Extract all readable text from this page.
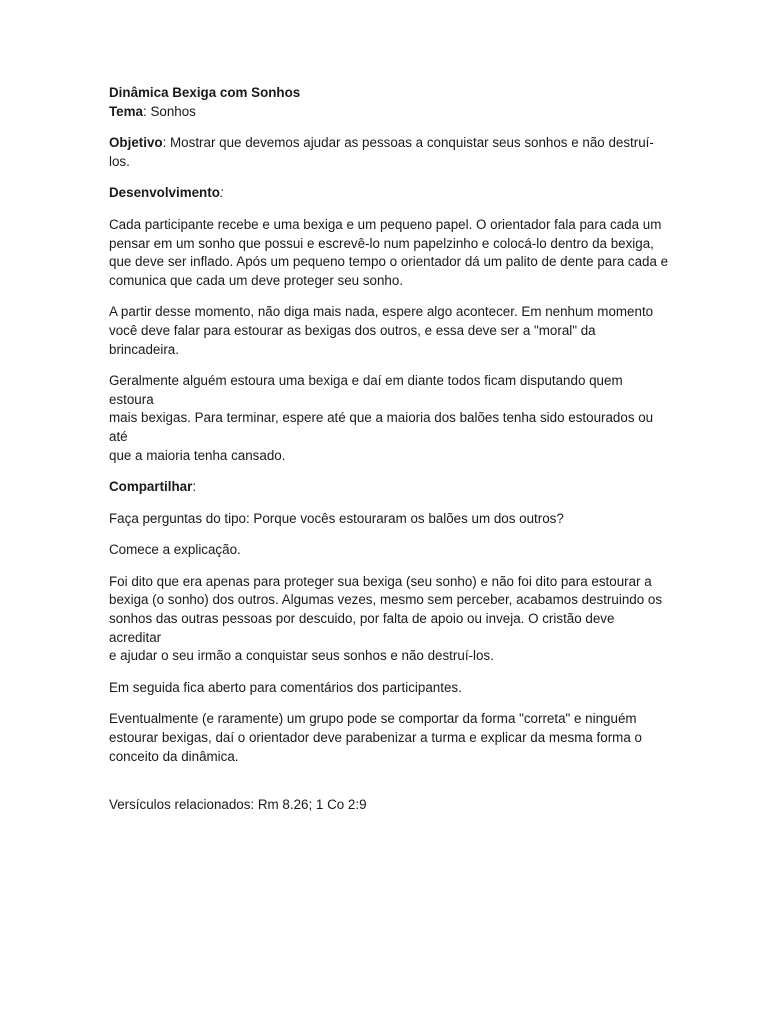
Dinâmica Bexiga com Sonhos

Tema: Sonhos

Objetivo: Mostrar que devemos ajudar as pessoas a conquistar seus sonhos e não destruí-los.

Desenvolvimento:

Cada participante recebe e uma bexiga e um pequeno papel. O orientador fala para cada um

pensar em um sonho que possui e escrevê-lo num papelzinho e colocá-lo dentro da bexiga,

que deve ser inflado. Após um pequeno tempo o orientador dá um palito de dente para cada e

comunica que cada um deve proteger seu sonho.

A partir desse momento, não diga mais nada, espere algo acontecer. Em nenhum momento

você deve falar para estourar as bexigas dos outros, e essa deve ser a "moral" da brincadeira.

Geralmente alguém estoura uma bexiga e daí em diante todos ficam disputando quem estoura

mais bexigas. Para terminar, espere até que a maioria dos balões tenha sido estourados ou até

que a maioria tenha cansado.

Compartilhar:

Faça perguntas do tipo: Porque vocês estouraram os balões um dos outros?

Comece a explicação.

Foi dito que era apenas para proteger sua bexiga (seu sonho) e não foi dito para estourar a

bexiga (o sonho) dos outros. Algumas vezes, mesmo sem perceber, acabamos destruindo os

sonhos das outras pessoas por descuido, por falta de apoio ou inveja. O cristão deve acreditar

e ajudar o seu irmão a conquistar seus sonhos e não destruí-los.

Em seguida fica aberto para comentários dos participantes.

Eventualmente (e raramente) um grupo pode se comportar da forma "correta" e ninguém

estourar bexigas, daí o orientador deve parabenizar a turma e explicar da mesma forma o

conceito da dinâmica.

Versículos relacionados: Rm 8.26; 1 Co 2:9
